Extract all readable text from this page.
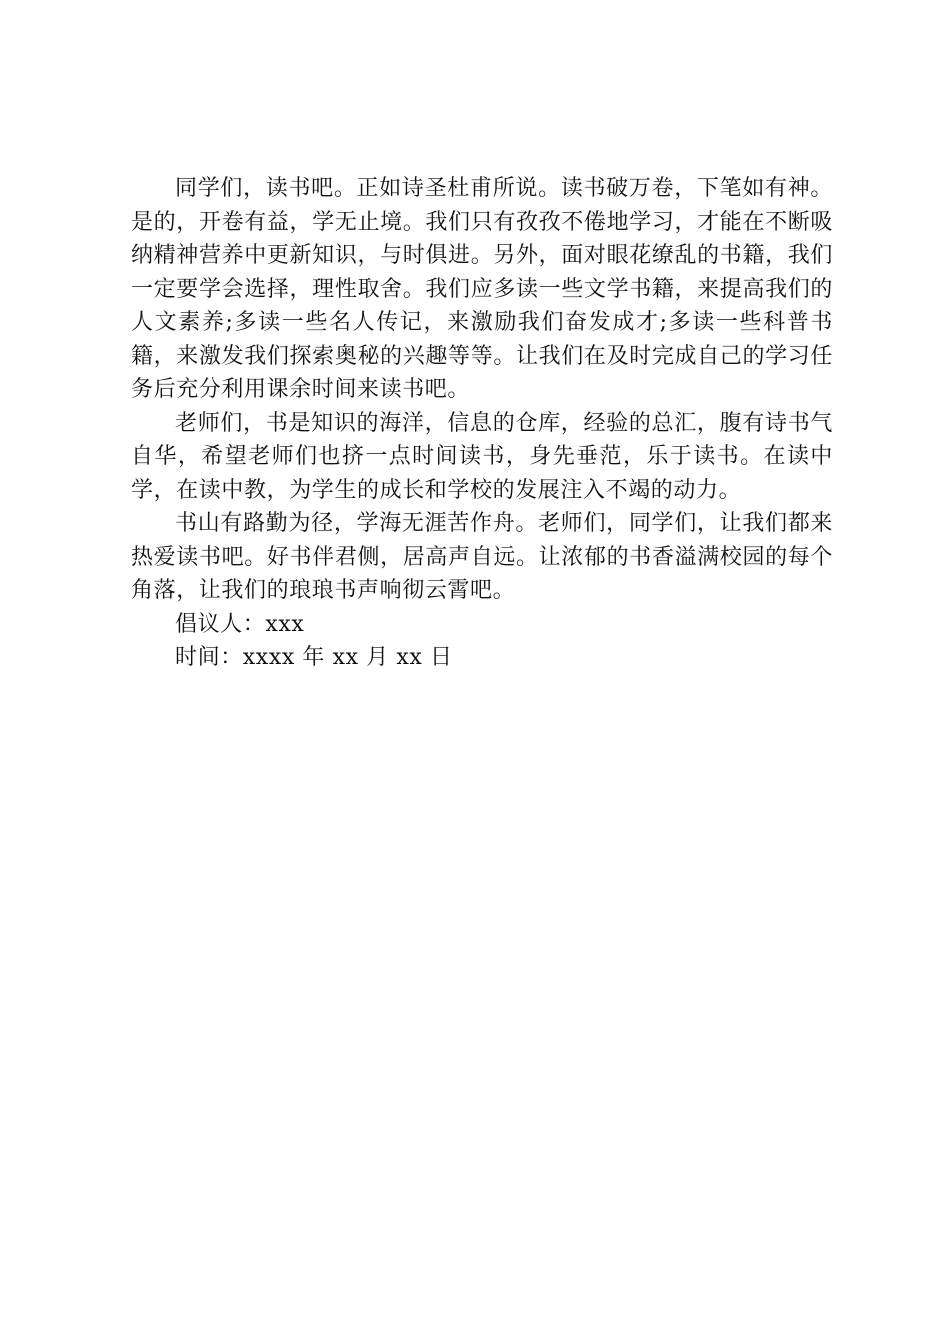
同学们，读书吧。正如诗圣杜甫所说。读书破万卷，下笔如有神。是的，开卷有益，学无止境。我们只有孜孜不倦地学习，才能在不断吸纳精神营养中更新知识，与时俱进。另外，面对眼花缭乱的书籍，我们一定要学会选择，理性取舍。我们应多读一些文学书籍，来提高我们的人文素养;多读一些名人传记，来激励我们奋发成才;多读一些科普书籍，来激发我们探索奥秘的兴趣等等。让我们在及时完成自己的学习任务后充分利用课余时间来读书吧。

老师们，书是知识的海洋，信息的仓库，经验的总汇，腹有诗书气自华，希望老师们也挤一点时间读书，身先垂范，乐于读书。在读中学，在读中教，为学生的成长和学校的发展注入不竭的动力。

书山有路勤为径，学海无涯苦作舟。老师们，同学们，让我们都来热爱读书吧。好书伴君侧，居高声自远。让浓郁的书香溢满校园的每个角落，让我们的琅琅书声响彻云霄吧。

倡议人：xxx

时间：xxxx 年 xx 月 xx 日
